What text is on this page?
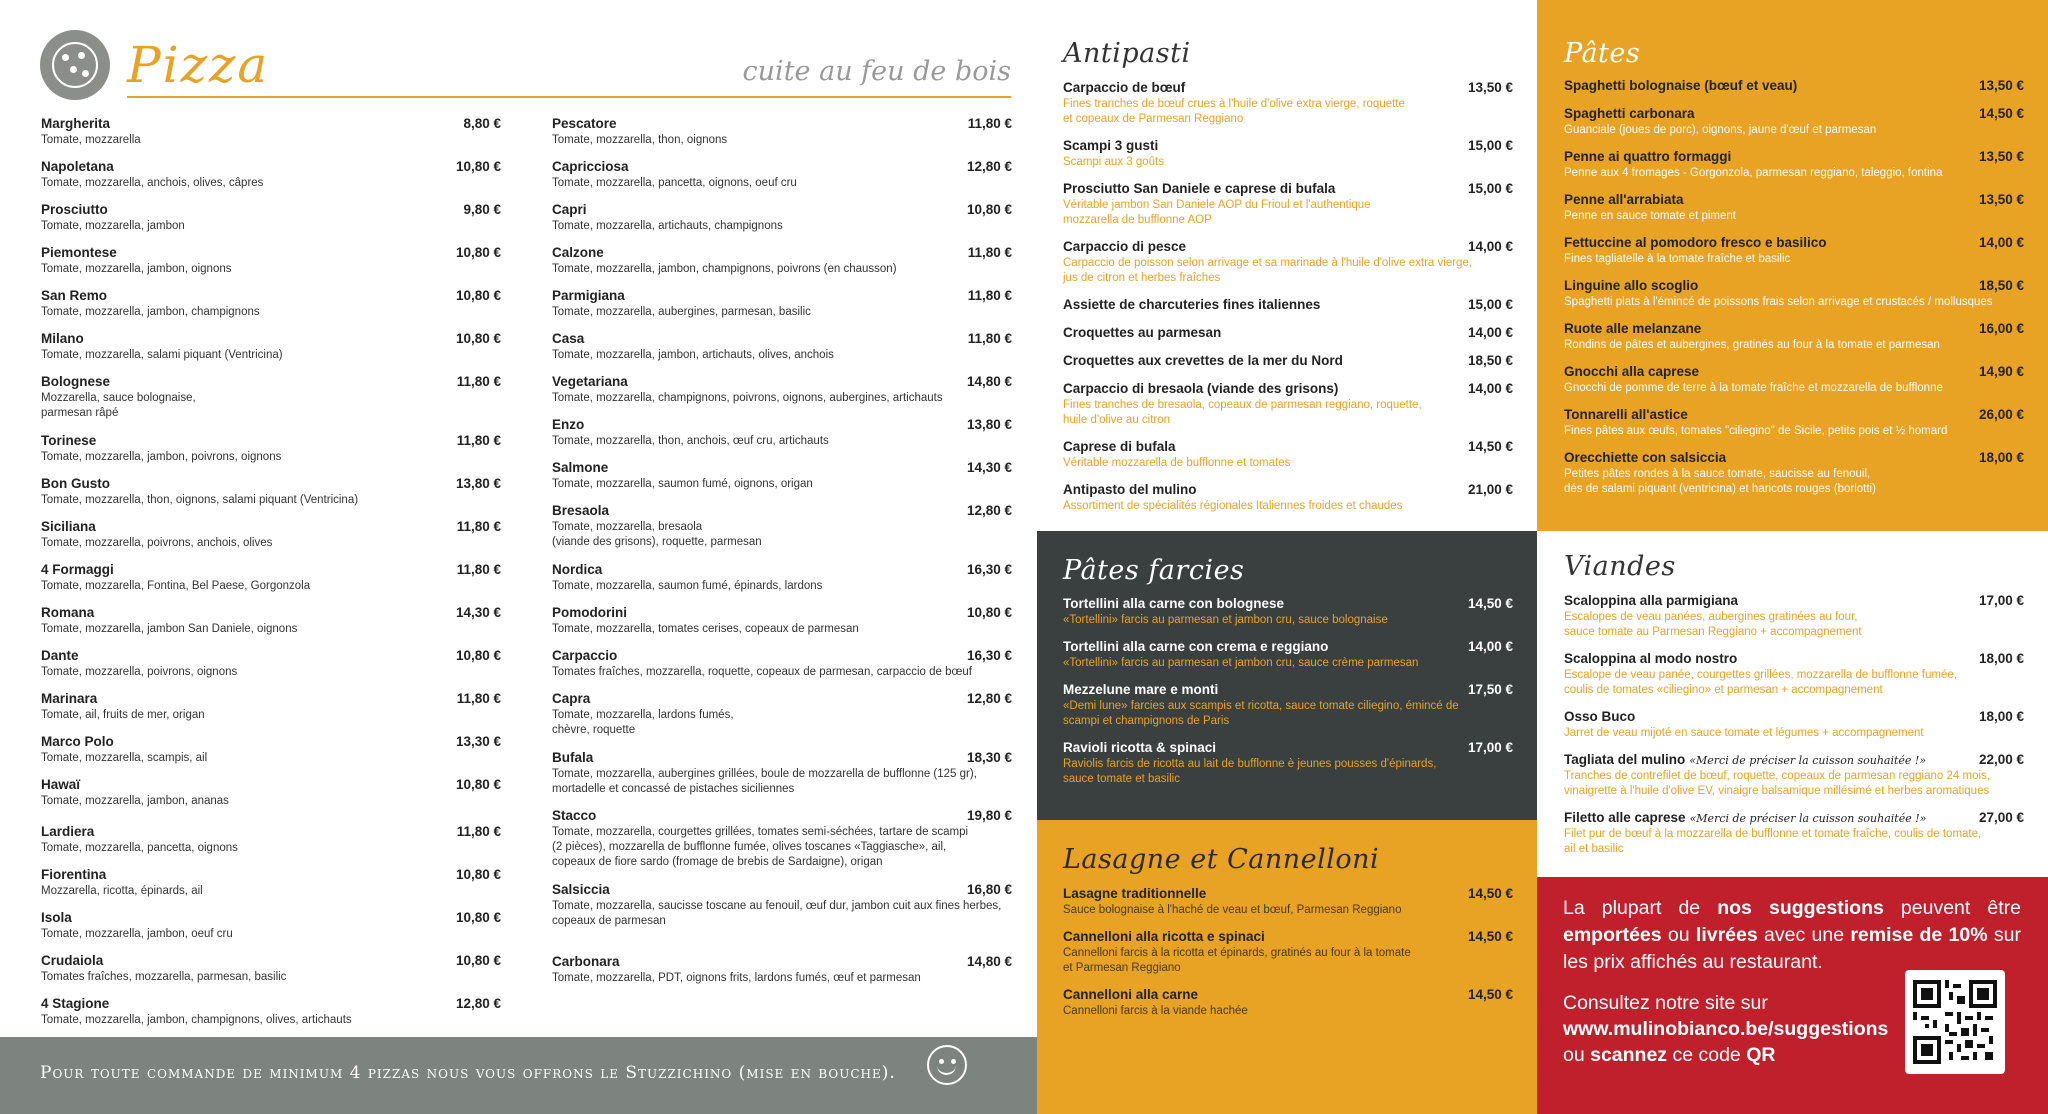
Pizza	cuite au feu de bois
Margherita	8,80 €
Tomate, mozzarella
Napoletana	10,80 €
Tomate, mozzarella, anchois, olives, câpres
Prosciutto	9,80 €
Tomate, mozzarella, jambon
Piemontese	10,80 €
Tomate, mozzarella, jambon, oignons
San Remo	10,80 €
Tomate, mozzarella, jambon, champignons
Milano	10,80 €
Tomate, mozzarella, salami piquant (Ventricina)
Bolognese	11,80 €
Mozzarella, sauce bolognaise,
parmesan râpé
Torinese	11,80 €
Tomate, mozzarella, jambon, poivrons, oignons
Bon Gusto	13,80 €
Tomate, mozzarella, thon, oignons, salami piquant (Ventricina)
Siciliana	11,80 €
Tomate, mozzarella, poivrons, anchois, olives
4 Formaggi	11,80 €
Tomate, mozzarella, Fontina, Bel Paese, Gorgonzola
Romana	14,30 €
Tomate, mozzarella, jambon San Daniele, oignons
Dante	10,80 €
Tomate, mozzarella, poivrons, oignons
Marinara	11,80 €
Tomate, ail, fruits de mer, origan
Marco Polo	13,30 €
Tomate, mozzarella, scampis, ail
Hawaï	10,80 €
Tomate, mozzarella, jambon, ananas
Lardiera	11,80 €
Tomate, mozzarella, pancetta, oignons
Fiorentina	10,80 €
Mozzarella, ricotta, épinards, ail
Isola	10,80 €
Tomate, mozzarella, jambon, oeuf cru
Crudaiola	10,80 €
Tomates fraîches, mozzarella, parmesan, basilic
4 Stagione	12,80 €
Tomate, mozzarella, jambon, champignons, olives, artichauts
Pescatore	11,80 €
Tomate, mozzarella, thon, oignons
Capricciosa	12,80 €
Tomate, mozzarella, pancetta, oignons, oeuf cru
Capri	10,80 €
Tomate, mozzarella, artichauts, champignons
Calzone	11,80 €
Tomate, mozzarella, jambon, champignons, poivrons (en chausson)
Parmigiana	11,80 €
Tomate, mozzarella, aubergines, parmesan, basilic
Casa	11,80 €
Tomate, mozzarella, jambon, artichauts, olives, anchois
Vegetariana	14,80 €
Tomate, mozzarella, champignons, poivrons, oignons, aubergines, artichauts
Enzo	13,80 €
Tomate, mozzarella, thon, anchois, œuf cru, artichauts
Salmone	14,30 €
Tomate, mozzarella, saumon fumé, oignons, origan
Bresaola	12,80 €
Tomate, mozzarella, bresaola
(viande des grisons), roquette, parmesan
Nordica	16,30 €
Tomate, mozzarella, saumon fumé, épinards, lardons
Pomodorini	10,80 €
Tomate, mozzarella, tomates cerises, copeaux de parmesan
Carpaccio	16,30 €
Tomates fraîches, mozzarella, roquette, copeaux de parmesan, carpaccio de bœuf
Capra	12,80 €
Tomate, mozzarella, lardons fumés,
chèvre, roquette
Bufala	18,30 €
Tomate, mozzarella, aubergines grillées, boule de mozzarella de bufflonne (125 gr),
mortadelle et concassé de pistaches siciliennes
Stacco	19,80 €
Tomate, mozzarella, courgettes grillées, tomates semi-séchées, tartare de scampi
(2 pièces), mozzarella de bufflonne fumée, olives toscanes «Taggiasche», ail,
copeaux de fiore sardo (fromage de brebis de Sardaigne), origan
Salsiccia	16,80 €
Tomate, mozzarella, saucisse toscane au fenouil, œuf dur, jambon cuit aux fines herbes,
copeaux de parmesan
Carbonara	14,80 €
Tomate, mozzarella, PDT, oignons frits, lardons fumés, œuf et parmesan
Pour toute commande de minimum 4 pizzas nous vous offrons le Stuzzichino (mise en bouche).
Antipasti
Carpaccio de bœuf	13,50 €
Fines tranches de bœuf crues à l'huile d'olive extra vierge, roquette
et copeaux de Parmesan Reggiano
Scampi 3 gusti	15,00 €
Scampi aux 3 goûts
Prosciutto San Daniele e caprese di bufala	15,00 €
Véritable jambon San Daniele AOP du Frioul et l'authentique
mozzarella de bufflonne AOP
Carpaccio di pesce	14,00 €
Carpaccio de poisson selon arrivage et sa marinade à l'huile d'olive extra vierge,
jus de citron et herbes fraîches
Assiette de charcuteries fines italiennes	15,00 €
Croquettes au parmesan	14,00 €
Croquettes aux crevettes de la mer du Nord	18,50 €
Carpaccio di bresaola (viande des grisons)	14,00 €
Fines tranches de bresaola, copeaux de parmesan reggiano, roquette,
huile d'olive au citron
Caprese di bufala	14,50 €
Véritable mozzarella de bufflonne et tomates
Antipasto del mulino	21,00 €
Assortiment de spécialités régionales Italiennes froides et chaudes
Pâtes farcies
Tortellini alla carne con bolognese	14,50 €
«Tortellini» farcis au parmesan et jambon cru, sauce bolognaise
Tortellini alla carne con crema e reggiano	14,00 €
«Tortellini» farcis au parmesan et jambon cru, sauce crème parmesan
Mezzelune mare e monti	17,50 €
«Demi lune» farcies aux scampis et ricotta, sauce tomate ciliegino, émincé de
scampi et champignons de Paris
Ravioli ricotta & spinaci	17,00 €
Raviolis farcis de ricotta au lait de bufflonne è jeunes pousses d'épinards,
sauce tomate et basilic
Lasagne et Cannelloni
Lasagne traditionnelle	14,50 €
Sauce bolognaise à l'haché de veau et bœuf, Parmesan Reggiano
Cannelloni alla ricotta e spinaci	14,50 €
Cannelloni farcis à la ricotta et épinards, gratinés au four à la tomate
et Parmesan Reggiano
Cannelloni alla carne	14,50 €
Cannelloni farcis à la viande hachée
Pâtes
Spaghetti bolognaise (bœuf et veau)	13,50 €
Spaghetti carbonara	14,50 €
Guanciale (joues de porc), oignons, jaune d'œuf et parmesan
Penne ai quattro formaggi	13,50 €
Penne aux 4 fromages - Gorgonzola, parmesan reggiano, taleggio, fontina
Penne all'arrabiata	13,50 €
Penne en sauce tomate et piment
Fettuccine al pomodoro fresco e basilico	14,00 €
Fines tagliatelle à la tomate fraîche et basilic
Linguine allo scoglio	18,50 €
Spaghetti plats à l'émincé de poissons frais selon arrivage et crustacés / mollusques
Ruote alle melanzane	16,00 €
Rondins de pâtes et aubergines, gratinés au four à la tomate et parmesan
Gnocchi alla caprese	14,90 €
Gnocchi de pomme de terre à la tomate fraîche et mozzarella de bufflonne
Tonnarelli all'astice	26,00 €
Fines pâtes aux œufs, tomates "ciliegino" de Sicile, petits pois et ½ homard
Orecchiette con salsiccia	18,00 €
Petites pâtes rondes à la sauce tomate, saucisse au fenouil,
dés de salami piquant (ventricina) et haricots rouges (borlotti)
Viandes
Scaloppina alla parmigiana	17,00 €
Escalopes de veau panées, aubergines gratinées au four,
sauce tomate au Parmesan Reggiano + accompagnement
Scaloppina al modo nostro	18,00 €
Escalope de veau panée, courgettes grillées, mozzarella de bufflonne fumée,
coulis de tomates «ciliegino» et parmesan + accompagnement
Osso Buco	18,00 €
Jarret de veau mijoté en sauce tomate et légumes + accompagnement
Tagliata del mulino «Merci de préciser la cuisson souhaitée !»	22,00 €
Tranches de contrefilet de bœuf, roquette, copeaux de parmesan reggiano 24 mois,
vinaigrette à l'huile d'olive EV, vinaigre balsamique millésimé et herbes aromatiques
Filetto alle caprese «Merci de préciser la cuisson souhaitée !»	27,00 €
Filet pur de bœuf à la mozzarella de bufflonne et tomate fraîche, coulis de tomate,
ail et basilic
La plupart de nos suggestions peuvent être emportées ou livrées avec une remise de 10% sur les prix affichés au restaurant.
Consultez notre site sur
www.mulinobianco.be/suggestions
ou scannez ce code QR
